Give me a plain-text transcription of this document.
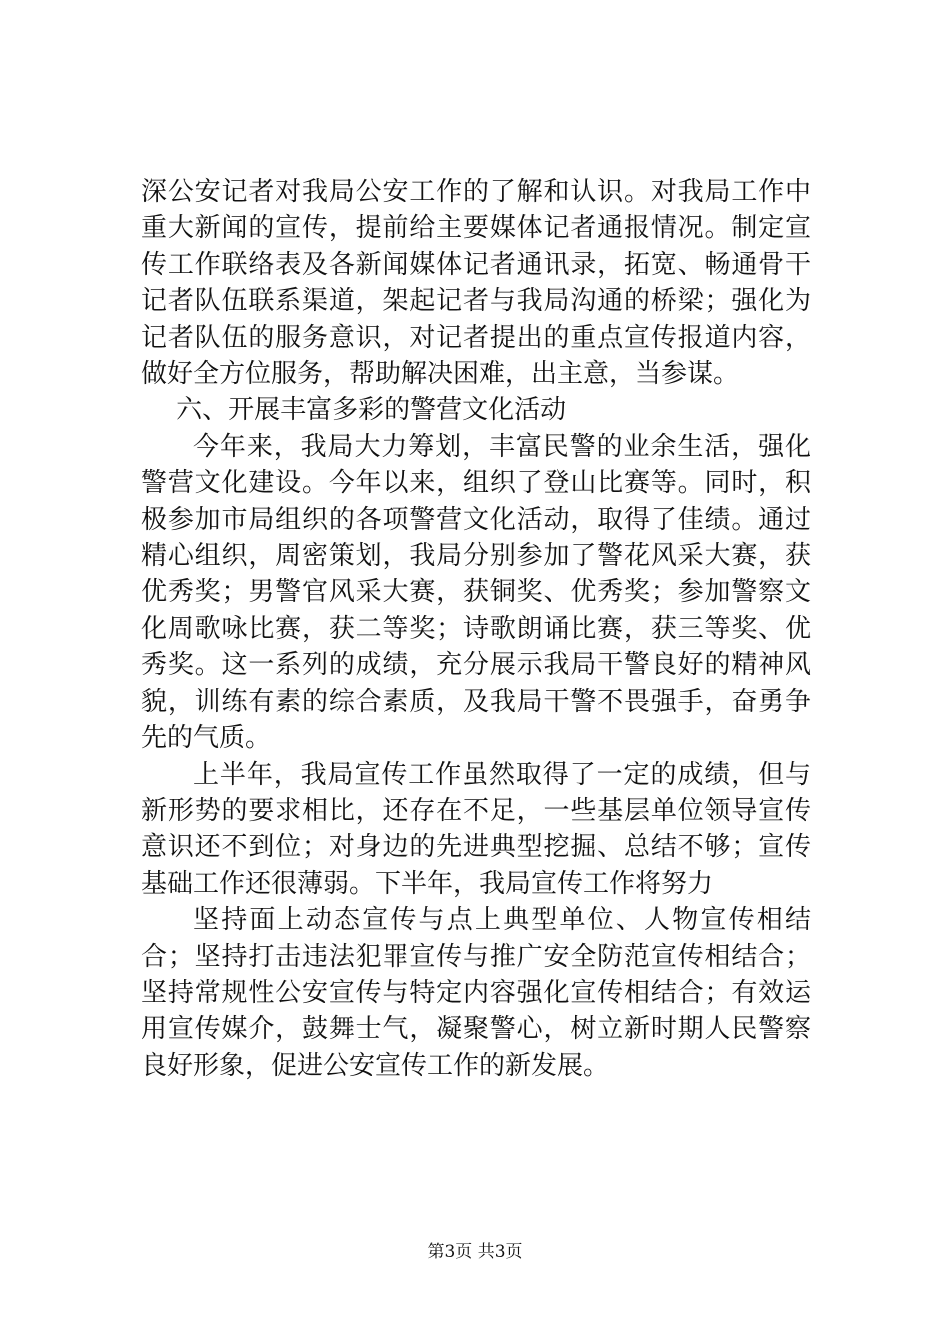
深公安记者对我局公安工作的了解和认识。对我局工作中重大新闻的宣传，提前给主要媒体记者通报情况。制定宣传工作联络表及各新闻媒体记者通讯录，拓宽、畅通骨干记者队伍联系渠道，架起记者与我局沟通的桥梁；强化为记者队伍的服务意识，对记者提出的重点宣传报道内容，做好全方位服务，帮助解决困难，出主意，当参谋。

六、开展丰富多彩的警营文化活动

今年来，我局大力筹划，丰富民警的业余生活，强化警营文化建设。今年以来，组织了登山比赛等。同时，积极参加市局组织的各项警营文化活动，取得了佳绩。通过精心组织，周密策划，我局分别参加了警花风采大赛，获优秀奖；男警官风采大赛，获铜奖、优秀奖；参加警察文化周歌咏比赛，获二等奖；诗歌朗诵比赛，获三等奖、优秀奖。这一系列的成绩，充分展示我局干警良好的精神风貌，训练有素的综合素质，及我局干警不畏强手，奋勇争先的气质。

上半年，我局宣传工作虽然取得了一定的成绩，但与新形势的要求相比，还存在不足，一些基层单位领导宣传意识还不到位；对身边的先进典型挖掘、总结不够；宣传基础工作还很薄弱。下半年，我局宣传工作将努力

坚持面上动态宣传与点上典型单位、人物宣传相结合；坚持打击违法犯罪宣传与推广安全防范宣传相结合；坚持常规性公安宣传与特定内容强化宣传相结合；有效运用宣传媒介，鼓舞士气，凝聚警心，树立新时期人民警察良好形象，促进公安宣传工作的新发展。

第3页 共3页
